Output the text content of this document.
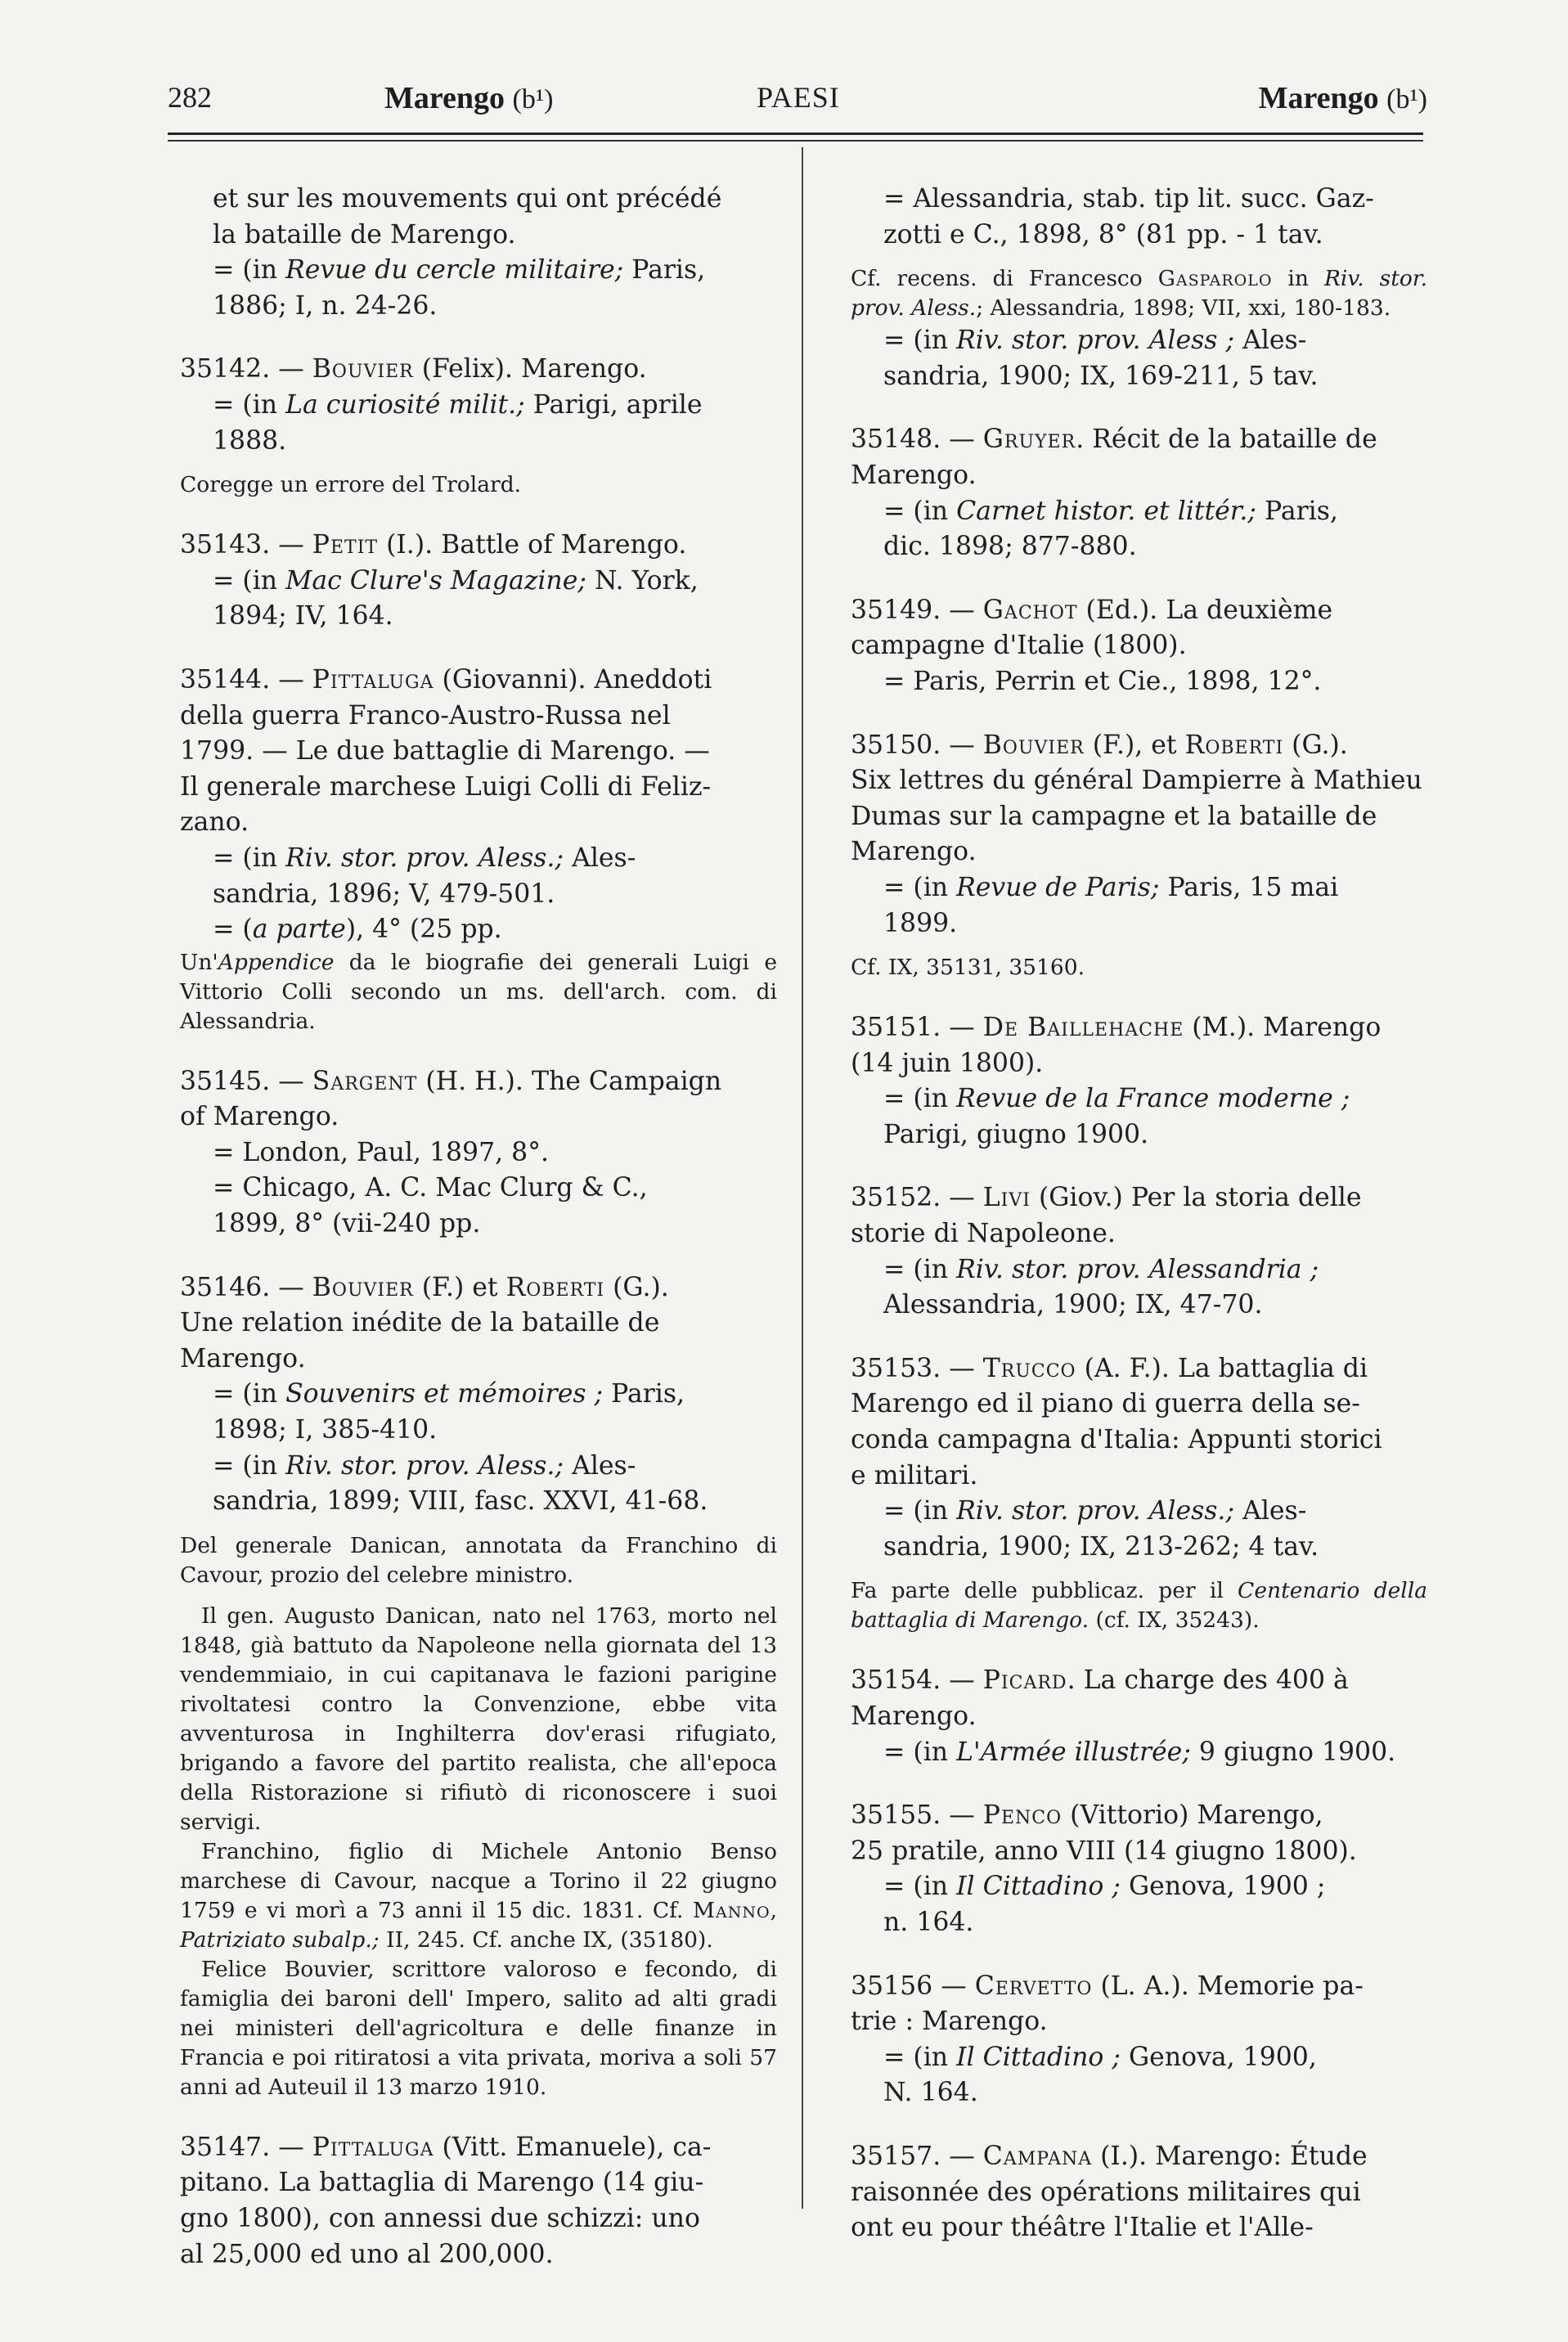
282	Marengo (b¹)	PAESI	Marengo (b¹)

et sur les mouvements qui ont précédé
la bataille de Marengo.

= (in Revue du cercle militaire; Paris,
1886; I, n. 24-26.

35142. — Bouvier (Felix). Marengo.

= (in La curiosité milit.; Parigi, aprile
1888.

Coregge un errore del Trolard.

35143. — Petit (I.). Battle of Marengo.

= (in Mac Clure's Magazine; N. York,
1894; IV, 164.

35144. — Pittaluga (Giovanni). Aneddoti
della guerra Franco-Austro-Russa nel
1799. — Le due battaglie di Marengo. —
Il generale marchese Luigi Colli di Feliz-
zano.

= (in Riv. stor. prov. Aless.; Ales-
sandria, 1896; V, 479-501.
= (a parte), 4° (25 pp.

Un'Appendice da le biografie dei generali Luigi e Vittorio Colli secondo un ms. dell'arch. com. di Alessandria.

35145. — Sargent (H. H.). The Campaign
of Marengo.

= London, Paul, 1897, 8°.
= Chicago, A. C. Mac Clurg & C.,
1899, 8° (vii-240 pp.

35146. — Bouvier (F.) et Roberti (G.).
Une relation inédite de la bataille de
Marengo.

= (in Souvenirs et mémoires ; Paris,
1898; I, 385-410.
= (in Riv. stor. prov. Aless.; Ales-
sandria, 1899; VIII, fasc. XXVI, 41-68.

Del generale Danican, annotata da Franchino di Cavour, prozio del celebre ministro.

Il gen. Augusto Danican, nato nel 1763, morto nel 1848, già battuto da Napoleone nella giornata del 13 vendemmiaio, in cui capitanava le fazioni parigine rivoltatesi contro la Convenzione, ebbe vita avventurosa in Inghilterra dov'erasi rifugiato, brigando a favore del partito realista, che all'epoca della Ristorazione si rifiutò di riconoscere i suoi servigi.

Franchino, figlio di Michele Antonio Benso marchese di Cavour, nacque a Torino il 22 giugno 1759 e vi morì a 73 anni il 15 dic. 1831. Cf. Manno, Patriziato subalp.; II, 245. Cf. anche IX, (35180).

Felice Bouvier, scrittore valoroso e fecondo, di famiglia dei baroni dell' Impero, salito ad alti gradi nei ministeri dell'agricoltura e delle finanze in Francia e poi ritiratosi a vita privata, moriva a soli 57 anni ad Auteuil il 13 marzo 1910.

35147. — Pittaluga (Vitt. Emanuele), ca-
pitano. La battaglia di Marengo (14 giu-
gno 1800), con annessi due schizzi: uno
al 25,000 ed uno al 200,000.

= Alessandria, stab. tip lit. succ. Gaz-
zotti e C., 1898, 8° (81 pp. - 1 tav.

Cf. recens. di Francesco Gasparolo in Riv. stor. prov. Aless.; Alessandria, 1898; VII, xxi, 180-183.

= (in Riv. stor. prov. Aless ; Ales-
sandria, 1900; IX, 169-211, 5 tav.

35148. — Gruyer. Récit de la bataille de
Marengo.

= (in Carnet histor. et littér.; Paris,
dic. 1898; 877-880.

35149. — Gachot (Ed.). La deuxième
campagne d'Italie (1800).

= Paris, Perrin et Cie., 1898, 12°.

35150. — Bouvier (F.), et Roberti (G.).
Six lettres du général Dampierre à Mathieu
Dumas sur la campagne et la bataille de
Marengo.

= (in Revue de Paris; Paris, 15 mai
1899.

Cf. IX, 35131, 35160.

35151. — De Baillehache (M.). Marengo
(14 juin 1800).

= (in Revue de la France moderne ;
Parigi, giugno 1900.

35152. — Livi (Giov.) Per la storia delle
storie di Napoleone.

= (in Riv. stor. prov. Alessandria ;
Alessandria, 1900; IX, 47-70.

35153. — Trucco (A. F.). La battaglia di
Marengo ed il piano di guerra della se-
conda campagna d'Italia: Appunti storici
e militari.

= (in Riv. stor. prov. Aless.; Ales-
sandria, 1900; IX, 213-262; 4 tav.

Fa parte delle pubblicaz. per il Centenario della battaglia di Marengo. (cf. IX, 35243).

35154. — Picard. La charge des 400 à
Marengo.

= (in L'Armée illustrée; 9 giugno 1900.

35155. — Penco (Vittorio) Marengo,
25 pratile, anno VIII (14 giugno 1800).

= (in Il Cittadino ; Genova, 1900 ;
n. 164.

35156 — Cervetto (L. A.). Memorie pa-
trie : Marengo.

= (in Il Cittadino ; Genova, 1900,
N. 164.

35157. — Campana (I.). Marengo: Étude
raisonnée des opérations militaires qui
ont eu pour théâtre l'Italie et l'Alle-
